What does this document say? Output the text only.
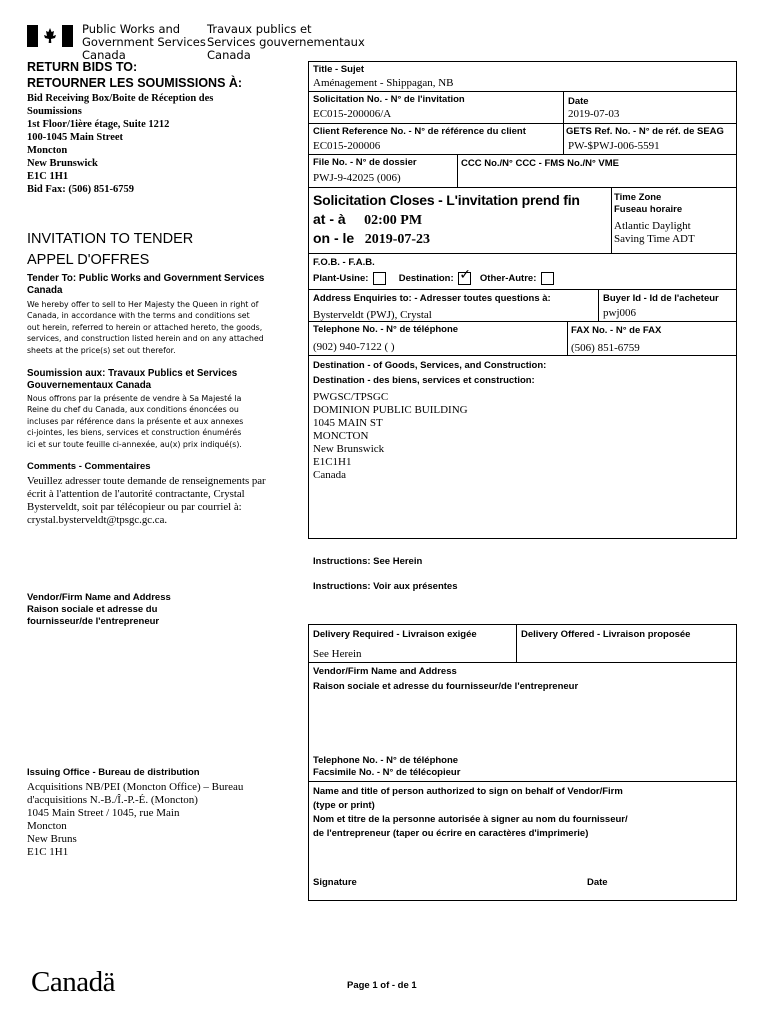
Public Works and
Government Services
Canada
Travaux publics et
Services gouvernementaux
Canada
RETURN BIDS TO:
RETOURNER LES SOUMISSIONS À:
Bid Receiving Box/Boite de Réception des
Soumissions
1st Floor/1ière étage, Suite 1212
100-1045 Main Street
Moncton
New Brunswick
E1C 1H1
Bid Fax: (506) 851-6759
INVITATION TO TENDER
APPEL D'OFFRES
Tender To: Public Works and Government Services Canada
We hereby offer to sell to Her Majesty the Queen in right of
Canada, in accordance with the terms and conditions set
out herein, referred to herein or attached hereto, the goods,
services, and construction listed herein and on any attached
sheets at the price(s) set out therefor.
Soumission aux: Travaux Publics et Services Gouvernementaux Canada
Nous offrons par la présente de vendre à Sa Majesté la
Reine du chef du Canada, aux conditions énoncées ou
incluses par référence dans la présente et aux annexes
ci-jointes, les biens, services et construction énumérés
ici et sur toute feuille ci-annexée, au(x) prix indiqué(s).
Comments - Commentaires
Veuillez adresser toute demande de renseignements par
écrit à l'attention de l'autorité contractante, Crystal
Bysterveldt, soit par télécopieur ou par courriel à:
crystal.bysterveldt@tpsgc.gc.ca.
Vendor/Firm Name and Address
Raison sociale et adresse du
fournisseur/de l'entrepreneur
Issuing Office - Bureau de distribution
Acquisitions NB/PEI (Moncton Office) – Bureau
d'acquisitions N.-B./Î.-P.-É. (Moncton)
1045 Main Street / 1045, rue Main
Moncton
New Bruns
E1C 1H1
Title - Sujet
Aménagement - Shippagan, NB
Solicitation No. - N° de l'invitation
EC015-200006/A
Date
2019-07-03
Client Reference No. - N° de référence du client
EC015-200006
GETS Ref. No. - N° de réf. de SEAG
PW-$PWJ-006-5591
File No. - N° de dossier
PWJ-9-42025 (006)
CCC No./N° CCC - FMS No./N° VME
Solicitation Closes - L'invitation prend fin
at - à 02:00 PM
on - le 2019-07-23
Time Zone
Fuseau horaire
Atlantic Daylight
Saving Time ADT
F.O.B. - F.A.B.
Plant-Usine:	Destination: ✓ Other-Autre:
Address Enquiries to: - Adresser toutes questions à:
Bysterveldt (PWJ), Crystal
Buyer Id - Id de l'acheteur
pwj006
Telephone No. - N° de téléphone
(902) 940-7122 ( )
FAX No. - N° de FAX
(506) 851-6759
Destination - of Goods, Services, and Construction:
Destination - des biens, services et construction:
PWGSC/TPSGC
DOMINION PUBLIC BUILDING
1045 MAIN ST
MONCTON
New Brunswick
E1C1H1
Canada
Instructions: See Herein
Instructions: Voir aux présentes
Delivery Required - Livraison exigée	Delivery Offered - Livraison proposée
See Herein
Vendor/Firm Name and Address
Raison sociale et adresse du fournisseur/de l'entrepreneur
Telephone No. - N° de téléphone
Facsimile No. - N° de télécopieur
Name and title of person authorized to sign on behalf of Vendor/Firm
(type or print)
Nom et titre de la personne autorisée à signer au nom du fournisseur/
de l'entrepreneur (taper ou écrire en caractères d'imprimerie)
Signature	Date
Canadä	Page 1 of - de 1
